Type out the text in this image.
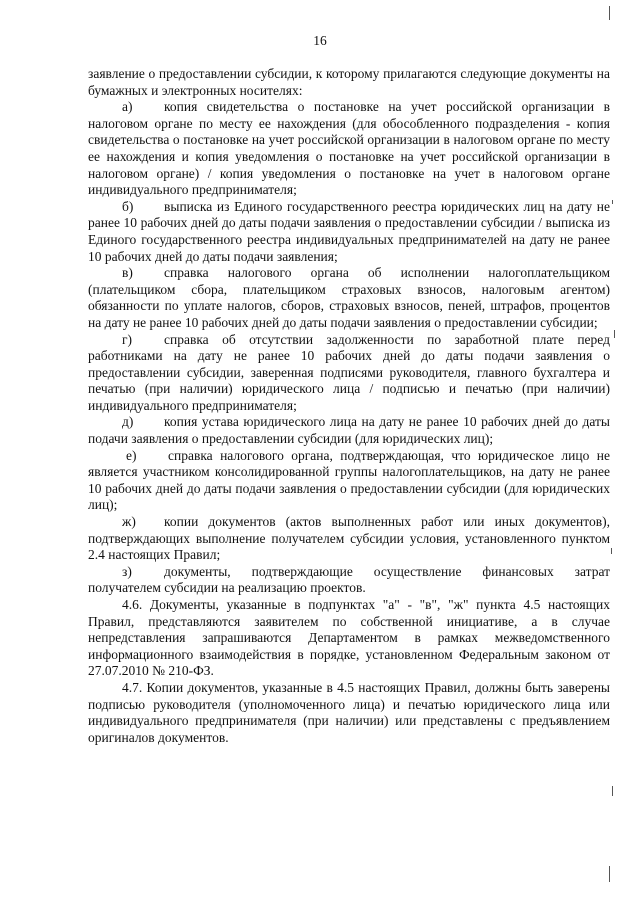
16

заявление о предоставлении субсидии, к которому прилагаются следующие документы на бумажных и электронных носителях:

а) копия свидетельства о постановке на учет российской организации в налоговом органе по месту ее нахождения (для обособленного подразделения - копия свидетельства о постановке на учет российской организации в налоговом органе по месту ее нахождения и копия уведомления о постановке на учет российской организации в налоговом органе) / копия уведомления о постановке на учет в налоговом органе индивидуального предпринимателя;

б) выписка из Единого государственного реестра юридических лиц на дату не ранее 10 рабочих дней до даты подачи заявления о предоставлении субсидии / выписка из Единого государственного реестра индивидуальных предпринимателей на дату не ранее 10 рабочих дней до даты подачи заявления;

в) справка налогового органа об исполнении налогоплательщиком (плательщиком сбора, плательщиком страховых взносов, налоговым агентом) обязанности по уплате налогов, сборов, страховых взносов, пеней, штрафов, процентов на дату не ранее 10 рабочих дней до даты подачи заявления о предоставлении субсидии;

г) справка об отсутствии задолженности по заработной плате перед работниками на дату не ранее 10 рабочих дней до даты подачи заявления о предоставлении субсидии, заверенная подписями руководителя, главного бухгалтера и печатью (при наличии) юридического лица / подписью и печатью (при наличии) индивидуального предпринимателя;

д) копия устава юридического лица на дату не ранее 10 рабочих дней до даты подачи заявления о предоставлении субсидии (для юридических лиц);

е) справка налогового органа, подтверждающая, что юридическое лицо не является участником консолидированной группы налогоплательщиков, на дату не ранее 10 рабочих дней до даты подачи заявления о предоставлении субсидии (для юридических лиц);

ж) копии документов (актов выполненных работ или иных документов), подтверждающих выполнение получателем субсидии условия, установленного пунктом 2.4 настоящих Правил;

з) документы, подтверждающие осуществление финансовых затрат получателем субсидии на реализацию проектов.

4.6. Документы, указанные в подпунктах "а" - "в", "ж" пункта 4.5 настоящих Правил, представляются заявителем по собственной инициативе, а в случае непредставления запрашиваются Департаментом в рамках межведомственного информационного взаимодействия в порядке, установленном Федеральным законом от 27.07.2010 № 210-ФЗ.

4.7. Копии документов, указанные в 4.5 настоящих Правил, должны быть заверены подписью руководителя (уполномоченного лица) и печатью юридического лица или индивидуального предпринимателя (при наличии) или представлены с предъявлением оригиналов документов.
